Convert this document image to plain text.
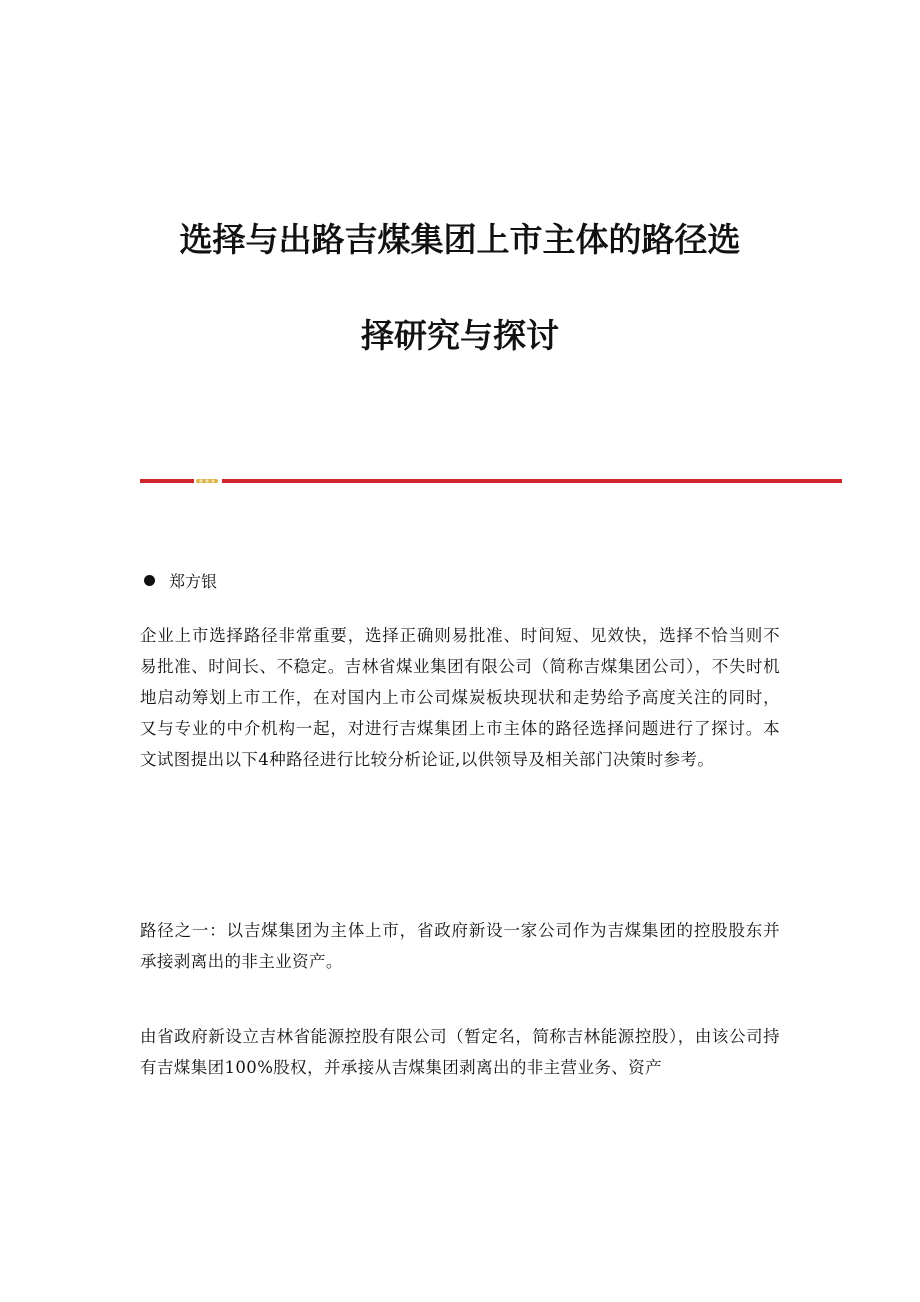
选择与出路吉煤集团上市主体的路径选
择研究与探讨
郑方银

企业上市选择路径非常重要，选择正确则易批准、时间短、见效快，选择不恰当则不易批准、时间长、不稳定。吉林省煤业集团有限公司（简称吉煤集团公司），不失时机地启动筹划上市工作，在对国内上市公司煤炭板块现状和走势给予高度关注的同时，又与专业的中介机构一起，对进行吉煤集团上市主体的路径选择问题进行了探讨。本文试图提出以下4种路径进行比较分析论证,以供领导及相关部门决策时参考。

路径之一：以吉煤集团为主体上市，省政府新设一家公司作为吉煤集团的控股股东并承接剥离出的非主业资产。

由省政府新设立吉林省能源控股有限公司（暂定名，简称吉林能源控股），由该公司持有吉煤集团100%股权，并承接从吉煤集团剥离出的非主营业务、资产
